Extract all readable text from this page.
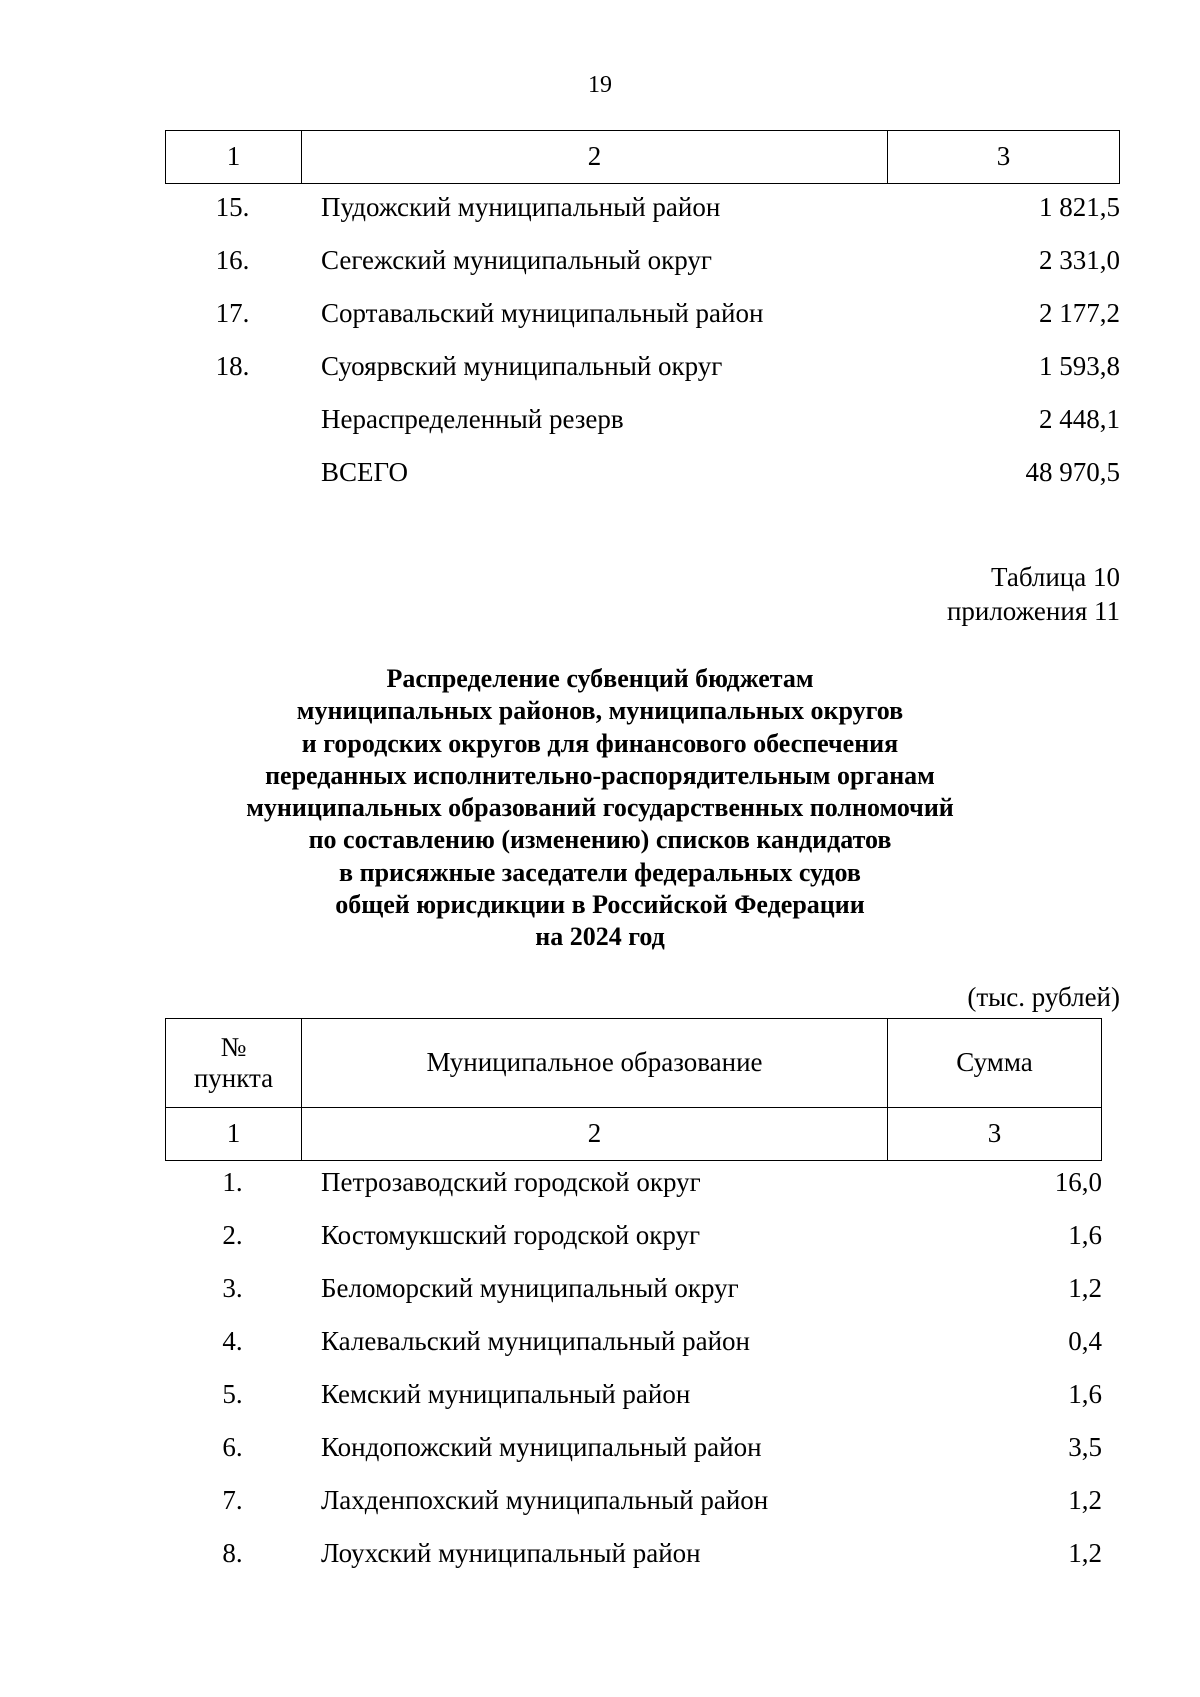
19
1	2	3
15.	Пудожский муниципальный район	1 821,5
16.	Сегежский муниципальный округ	2 331,0
17.	Сортавальский муниципальный район	2 177,2
18.	Суоярвский муниципальный округ	1 593,8
Нераспределенный резерв	2 448,1
ВСЕГО	48 970,5
Таблица 10
приложения 11
Распределение субвенций бюджетам
муниципальных районов, муниципальных округов
и городских округов для финансового обеспечения
переданных исполнительно-распорядительным органам
муниципальных образований государственных полномочий
по составлению (изменению) списков кандидатов
в присяжные заседатели федеральных судов
общей юрисдикции в Российской Федерации
на 2024 год
(тыс. рублей)
№
пункта	Муниципальное образование	Сумма
1	2	3
1.	Петрозаводский городской округ	16,0
2.	Костомукшский городской округ	1,6
3.	Беломорский муниципальный округ	1,2
4.	Калевальский муниципальный район	0,4
5.	Кемский муниципальный район	1,6
6.	Кондопожский муниципальный район	3,5
7.	Лахденпохский муниципальный район	1,2
8.	Лоухский муниципальный район	1,2
